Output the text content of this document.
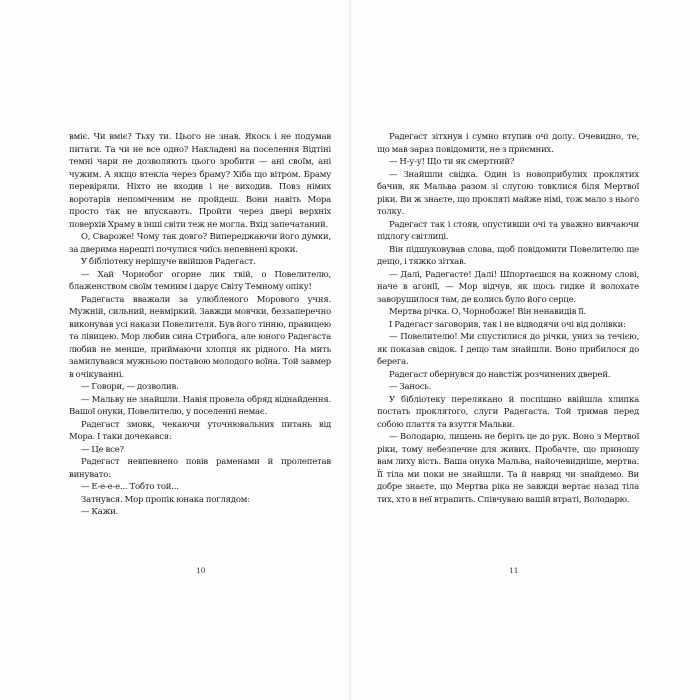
вміє. Чи вміє? Тьху ти. Цього не знав. Якось і не подумав питати. Та чи не все одно? Накладені на поселення Відтіні темні чари не дозволяють цього зробити — ані своїм, ані чужим. А якщо втекла через браму? Хіба що вітром. Браму перевіряли. Ніхто не входив і не виходив. Повз німих воротарів непоміченим не пройдеш. Вони навіть Мора просто так не впускають. Пройти через двері верхніх поверхів Храму в інші світи теж не могла. Вхід запечатаний.

О, Свароже! Чому так довго? Випереджаючи його думки, за дверима нарешті почулися чиїсь непевнені кроки.

У бібліотеку нерішуче ввійшов Радегаст.

— Хай Чорнобог огорне лик твій, о Повелителю, блаженством своїм темним і дарує Світу Темному опіку!

Радегаста вважали за улюбленого Морового учня. Мужній, сильний, невміркий. Завжди мовчки, беззаперечно виконував усі накази Повелителя. Був його тінню, правицею та лівицею. Мор любив сина Стрибога, але юного Радегаста любив не менше, приймаючи хлопця як рідного. На мить замилувався мужньою поставою молодого воїна. Той завмер в очікуванні.

— Говори, — дозволив.

— Мальву не знайшли. Навія провела обряд віднайдення. Вашої онуки, Повелителю, у поселенні немає.

Радегаст змовк, чекаючи уточнювальних питань від Мора. І таки дочекався:

— Це все?

Радегаст невпевнено повів раменами й пролепетав винувато:

— Е-е-е-е... Тобто той...

Затнувся. Мор пропік юнака поглядом:

— Кажи.

10

Радегаст зітхнув і сумно втупив очі долу. Очевидно, те, що мав зараз повідомити, не з приємних.

— Н-у-у! Що ти як смертний?

— Знайшли свідка. Один із новоприбулих проклятих бачив, як Мальва разом зі слугою товклися біля Мертвої ріки. Ви ж знаєте, що прокляті майже німі, тож мало з нього толку.

Радегаст так і стояв, опустивши очі та уважно вивчаючи підлогу світлиці.

Він підшуковував слова, щоб повідомити Повелителю ще дещо, і тяжко зітхав.

— Далі, Радегасте! Далі! Шпортаєшся на кожному слові, наче в агонії, — Мор відчув, як щось гидке й волохате заворушилося там, де колись було його серце.

Мертва річка. О, Чорнобоже! Він ненавидів її.

І Радегаст заговорив, так і не відводячи очі від долівки:

— Повелителю! Ми спустилися до річки, униз за течією, як показав свідок. І дещо там знайшли. Воно прибилося до берега.

Радегаст обернувся до навстіж розчинених дверей.

— Занось.

У бібліотеку перелякано й поспішно ввійшла хлипка постать проклятого, слуги Радегаста. Той тримав перед собою плаття та взуття Мальви.

— Володарю, лишень не беріть це до рук. Воно з Мертвої ріки, тому небезпечне для живих. Пробачте, що приношу вам лиху вість. Ваша онука Мальва, найочевидніше, мертва. Її тіла ми поки не знайшли. Та й навряд чи знайдемо. Ви добре знаєте, що Мертва ріка не завжди вертає назад тіла тих, хто в неї втрапить. Співчуваю вашій втраті, Володарю.

11
